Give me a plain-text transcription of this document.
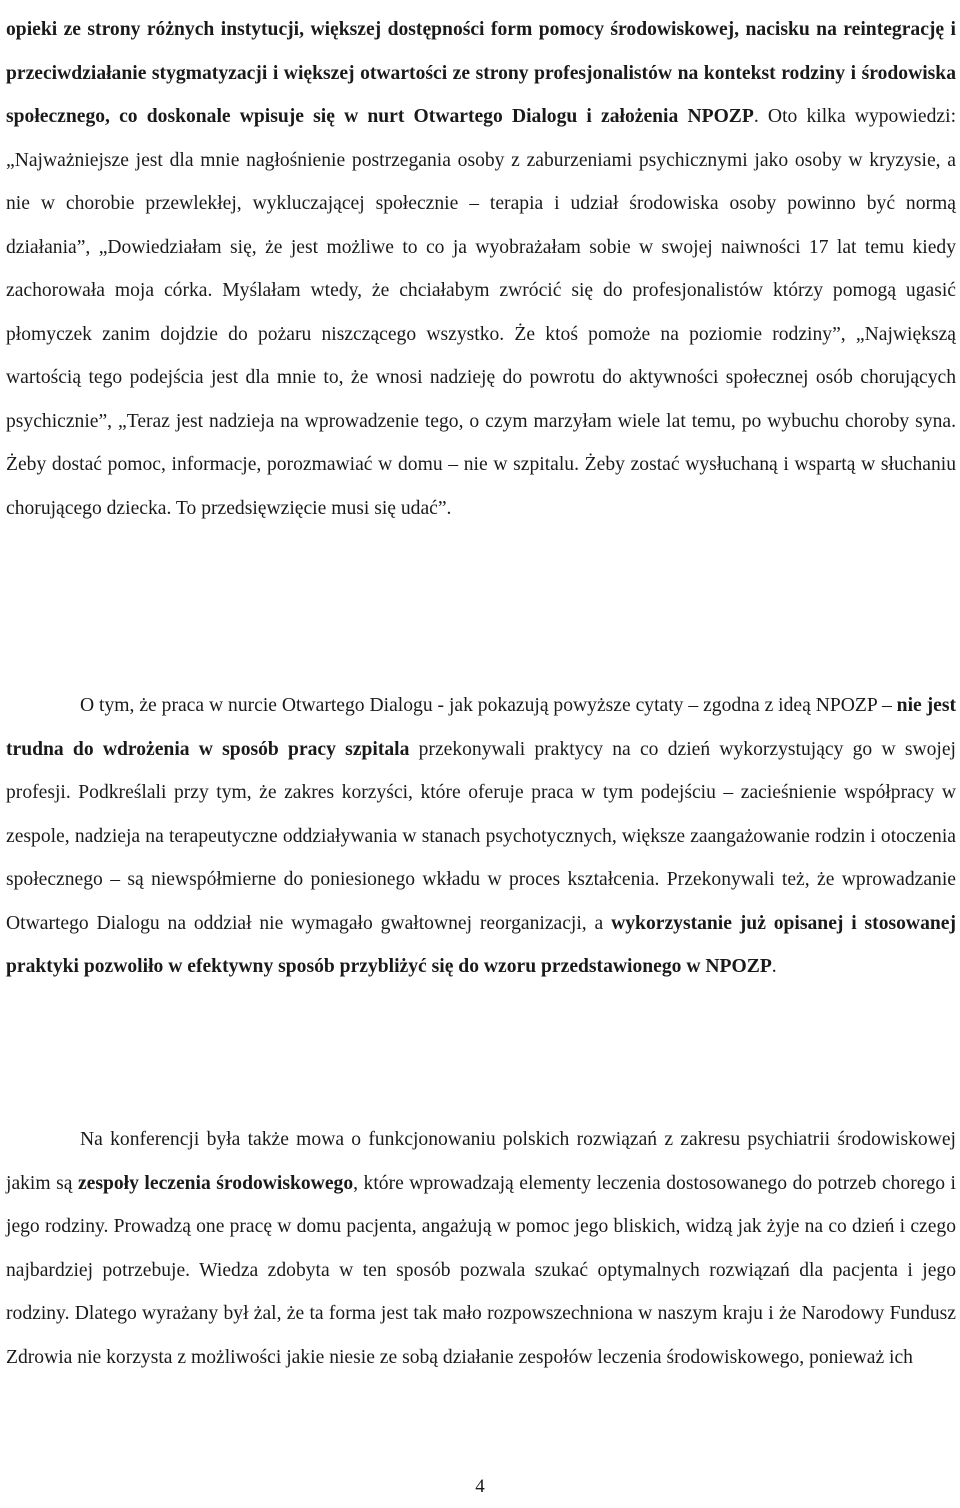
opieki ze strony różnych instytucji, większej dostępności form pomocy środowiskowej, nacisku na reintegrację i przeciwdziałanie stygmatyzacji i większej otwartości ze strony profesjonalistów na kontekst rodziny i środowiska społecznego, co doskonale wpisuje się w nurt Otwartego Dialogu i założenia NPOZP. Oto kilka wypowiedzi: „Najważniejsze jest dla mnie nagłośnienie postrzegania osoby z zaburzeniami psychicznymi jako osoby w kryzysie, a nie w chorobie przewlekłej, wykluczającej społecznie – terapia i udział środowiska osoby powinno być normą działania”, „Dowiedziałam się, że jest możliwe to co ja wyobrażałam sobie w swojej naiwności 17 lat temu kiedy zachorowała moja córka. Myślałam wtedy, że chciałabym zwrócić się do profesjonalistów którzy pomogą ugasić płomyczek zanim dojdzie do pożaru niszczącego wszystko. Że ktoś pomoże na poziomie rodziny”, „Największą wartością tego podejścia jest dla mnie to, że wnosi nadzieję do powrotu do aktywności społecznej osób chorujących psychicznie”, „Teraz jest nadzieja na wprowadzenie tego, o czym marzyłam wiele lat temu, po wybuchu choroby syna. Żeby dostać pomoc, informacje, porozmawiać w domu – nie w szpitalu. Żeby zostać wysłuchaną i wspartą w słuchaniu chorującego dziecka. To przedsięwzięcie musi się udać”.

O tym, że praca w nurcie Otwartego Dialogu - jak pokazują powyższe cytaty – zgodna z ideą NPOZP – nie jest trudna do wdrożenia w sposób pracy szpitala przekonywali praktycy na co dzień wykorzystujący go w swojej profesji. Podkreślali przy tym, że zakres korzyści, które oferuje praca w tym podejściu – zacieśnienie współpracy w zespole, nadzieja na terapeutyczne oddziaływania w stanach psychotycznych, większe zaangażowanie rodzin i otoczenia społecznego – są niewspółmierne do poniesionego wkładu w proces kształcenia. Przekonywali też, że wprowadzanie Otwartego Dialogu na oddział nie wymagało gwałtownej reorganizacji, a wykorzystanie już opisanej i stosowanej praktyki pozwoliło w efektywny sposób przybliżyć się do wzoru przedstawionego w NPOZP.

Na konferencji była także mowa o funkcjonowaniu polskich rozwiązań z zakresu psychiatrii środowiskowej jakim są zespoły leczenia środowiskowego, które wprowadzają elementy leczenia dostosowanego do potrzeb chorego i jego rodziny. Prowadzą one pracę w domu pacjenta, angażują w pomoc jego bliskich, widzą jak żyje na co dzień i czego najbardziej potrzebuje. Wiedza zdobyta w ten sposób pozwala szukać optymalnych rozwiązań dla pacjenta i jego rodziny. Dlatego wyrażany był żal, że ta forma jest tak mało rozpowszechniona w naszym kraju i że Narodowy Fundusz Zdrowia nie korzysta z możliwości jakie niesie ze sobą działanie zespołów leczenia środowiskowego, ponieważ ich

4
